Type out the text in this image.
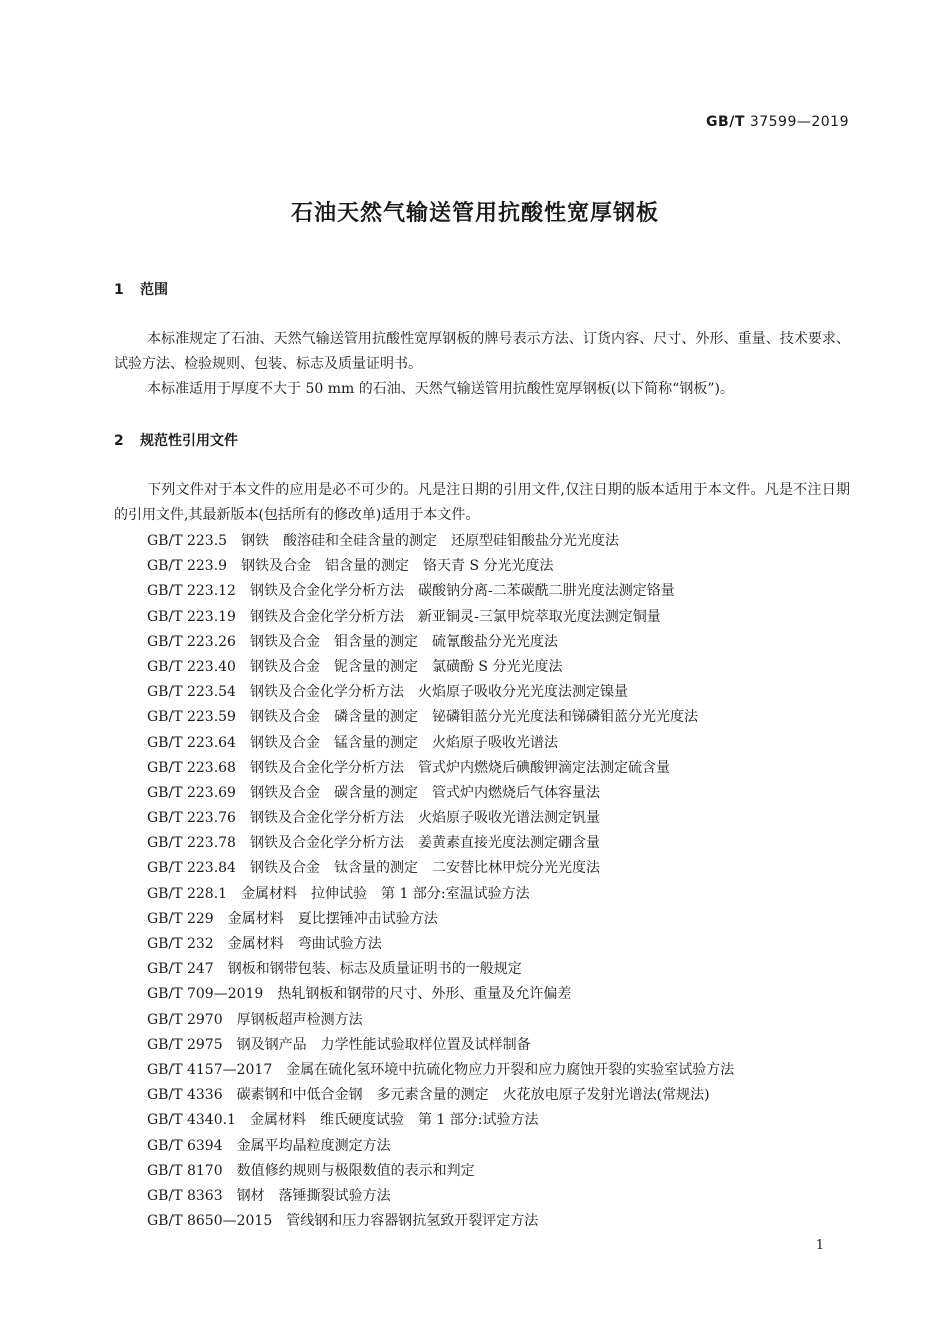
GB/T 37599—2019
石油天然气输送管用抗酸性宽厚钢板
1 范围

本标准规定了石油、天然气输送管用抗酸性宽厚钢板的牌号表示方法、订货内容、尺寸、外形、重量、技术要求、试验方法、检验规则、包装、标志及质量证明书。

本标准适用于厚度不大于 50 mm 的石油、天然气输送管用抗酸性宽厚钢板(以下简称“钢板”)。

2 规范性引用文件

下列文件对于本文件的应用是必不可少的。凡是注日期的引用文件,仅注日期的版本适用于本文件。凡是不注日期的引用文件,其最新版本(包括所有的修改单)适用于本文件。

GB/T 223.5 钢铁　酸溶硅和全硅含量的测定　还原型硅钼酸盐分光光度法
GB/T 223.9 钢铁及合金　铝含量的测定　铬天青 S 分光光度法
GB/T 223.12 钢铁及合金化学分析方法　碳酸钠分离-二苯碳酰二肼光度法测定铬量
GB/T 223.19 钢铁及合金化学分析方法　新亚铜灵-三氯甲烷萃取光度法测定铜量
GB/T 223.26 钢铁及合金　钼含量的测定　硫氰酸盐分光光度法
GB/T 223.40 钢铁及合金　铌含量的测定　氯磺酚 S 分光光度法
GB/T 223.54 钢铁及合金化学分析方法　火焰原子吸收分光光度法测定镍量
GB/T 223.59 钢铁及合金　磷含量的测定　铋磷钼蓝分光光度法和锑磷钼蓝分光光度法
GB/T 223.64 钢铁及合金　锰含量的测定　火焰原子吸收光谱法
GB/T 223.68 钢铁及合金化学分析方法　管式炉内燃烧后碘酸钾滴定法测定硫含量
GB/T 223.69 钢铁及合金　碳含量的测定　管式炉内燃烧后气体容量法
GB/T 223.76 钢铁及合金化学分析方法　火焰原子吸收光谱法测定钒量
GB/T 223.78 钢铁及合金化学分析方法　姜黄素直接光度法测定硼含量
GB/T 223.84 钢铁及合金　钛含量的测定　二安替比林甲烷分光光度法
GB/T 228.1 金属材料　拉伸试验　第 1 部分:室温试验方法
GB/T 229 金属材料　夏比摆锤冲击试验方法
GB/T 232 金属材料　弯曲试验方法
GB/T 247 钢板和钢带包装、标志及质量证明书的一般规定
GB/T 709—2019 热轧钢板和钢带的尺寸、外形、重量及允许偏差
GB/T 2970 厚钢板超声检测方法
GB/T 2975 钢及钢产品　力学性能试验取样位置及试样制备
GB/T 4157—2017 金属在硫化氢环境中抗硫化物应力开裂和应力腐蚀开裂的实验室试验方法
GB/T 4336 碳素钢和中低合金钢　多元素含量的测定　火花放电原子发射光谱法(常规法)
GB/T 4340.1 金属材料　维氏硬度试验　第 1 部分:试验方法
GB/T 6394 金属平均晶粒度测定方法
GB/T 8170 数值修约规则与极限数值的表示和判定
GB/T 8363 钢材　落锤撕裂试验方法
GB/T 8650—2015 管线钢和压力容器钢抗氢致开裂评定方法
1
